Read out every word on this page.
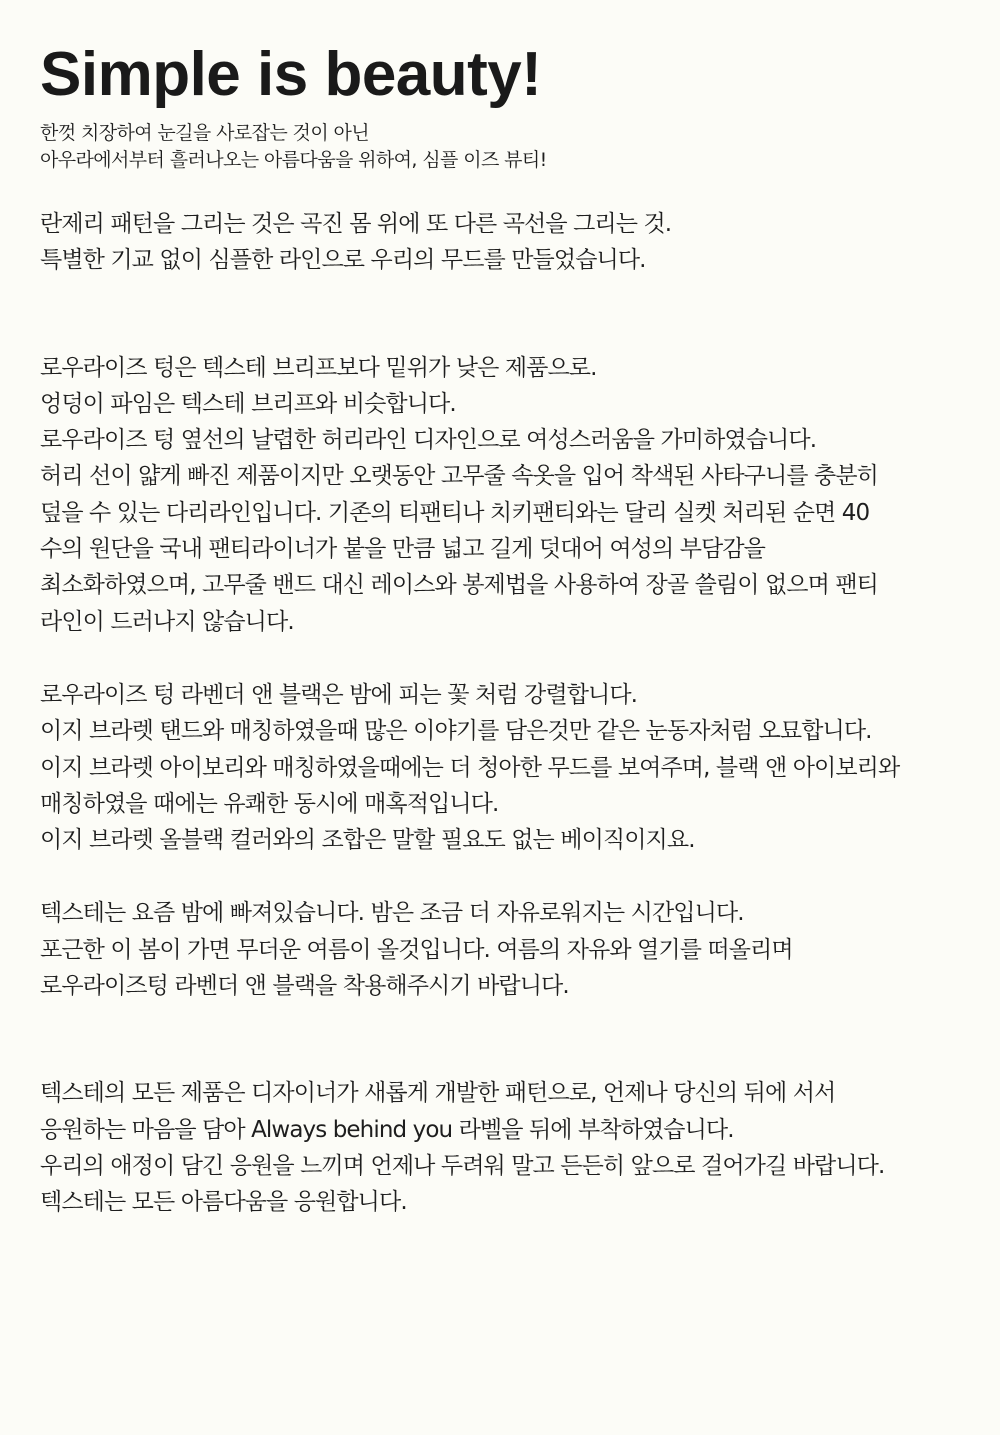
Simple is beauty!
한껏 치장하여 눈길을 사로잡는 것이 아닌
아우라에서부터 흘러나오는 아름다움을 위하여, 심플 이즈 뷰티!
란제리 패턴을 그리는 것은 곡진 몸 위에 또 다른 곡선을 그리는 것.
특별한 기교 없이 심플한 라인으로 우리의 무드를 만들었습니다.
로우라이즈 텅은 텍스테 브리프보다 밑위가 낮은 제품으로.
엉덩이 파임은 텍스테 브리프와 비슷합니다.
로우라이즈 텅 옆선의 날렵한 허리라인 디자인으로 여성스러움을 가미하였습니다.
허리 선이 얇게 빠진 제품이지만 오랫동안 고무줄 속옷을 입어 착색된 사타구니를 충분히
덮을 수 있는 다리라인입니다. 기존의 티팬티나 치키팬티와는 달리 실켓 처리된 순면 40
수의 원단을 국내 팬티라이너가 붙을 만큼 넓고 길게 덧대어 여성의 부담감을
최소화하였으며, 고무줄 밴드 대신 레이스와 봉제법을 사용하여 장골 쓸림이 없으며 팬티
라인이 드러나지 않습니다.
로우라이즈 텅 라벤더 앤 블랙은 밤에 피는 꽃 처럼 강렬합니다.
이지 브라렛 탠드와 매칭하였을때 많은 이야기를 담은것만 같은 눈동자처럼 오묘합니다.
이지 브라렛 아이보리와 매칭하였을때에는 더 청아한 무드를 보여주며, 블랙 앤 아이보리와
매칭하였을 때에는 유쾌한 동시에 매혹적입니다.
이지 브라렛 올블랙 컬러와의 조합은 말할 필요도 없는 베이직이지요.
텍스테는 요즘 밤에 빠져있습니다. 밤은 조금 더 자유로워지는 시간입니다.
포근한 이 봄이 가면 무더운 여름이 올것입니다. 여름의 자유와 열기를 떠올리며
로우라이즈텅 라벤더 앤 블랙을 착용해주시기 바랍니다.
텍스테의 모든 제품은 디자이너가 새롭게 개발한 패턴으로, 언제나 당신의 뒤에 서서
응원하는 마음을 담아 Always behind you 라벨을 뒤에 부착하였습니다.
우리의 애정이 담긴 응원을 느끼며 언제나 두려워 말고 든든히 앞으로 걸어가길 바랍니다.
텍스테는 모든 아름다움을 응원합니다.
